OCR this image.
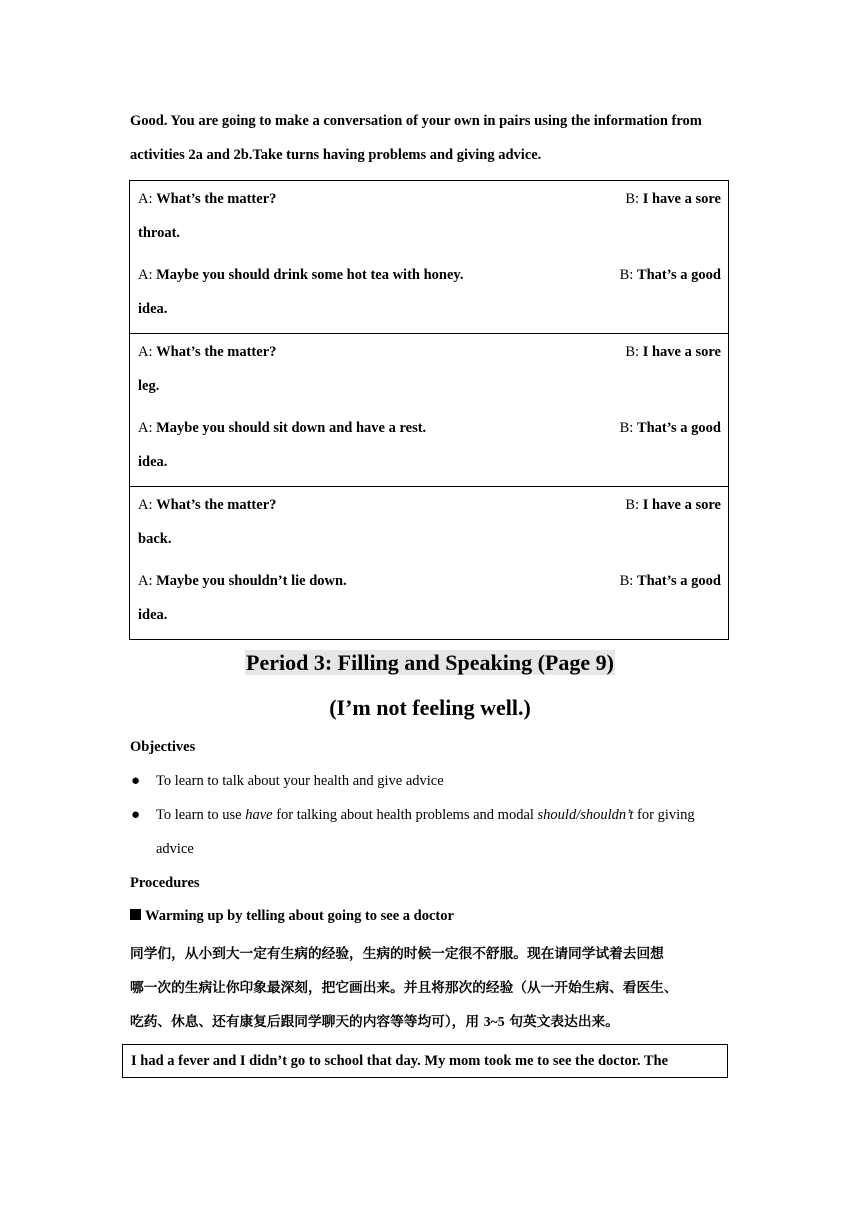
Good. You are going to make a conversation of your own in pairs using the information from
activities 2a and 2b.Take turns having problems and giving advice.
A: What’s the matter?	B: I have a sore
throat.
A: Maybe you should drink some hot tea with honey.	B: That’s a good
idea.
A: What’s the matter?	B: I have a sore
leg.
A: Maybe you should sit down and have a rest.	B: That’s a good
idea.
A: What’s the matter?	B: I have a sore
back.
A: Maybe you shouldn’t lie down.	B: That’s a good
idea.
Period 3: Filling and Speaking (Page 9)
(I’m not feeling well.)
Objectives
● To learn to talk about your health and give advice
● To learn to use have for talking about health problems and modal should/shouldn’t for giving
advice
Procedures
Warming up by telling about going to see a doctor
同学们，从小到大一定有生病的经验，生病的时候一定很不舒服。现在请同学试着去回想
哪一次的生病让你印象最深刻，把它画出来。并且将那次的经验（从一开始生病、看医生、
吃药、休息、还有康复后跟同学聊天的内容等等均可），用 3~5 句英文表达出来。
I had a fever and I didn’t go to school that day. My mom took me to see the doctor. The
